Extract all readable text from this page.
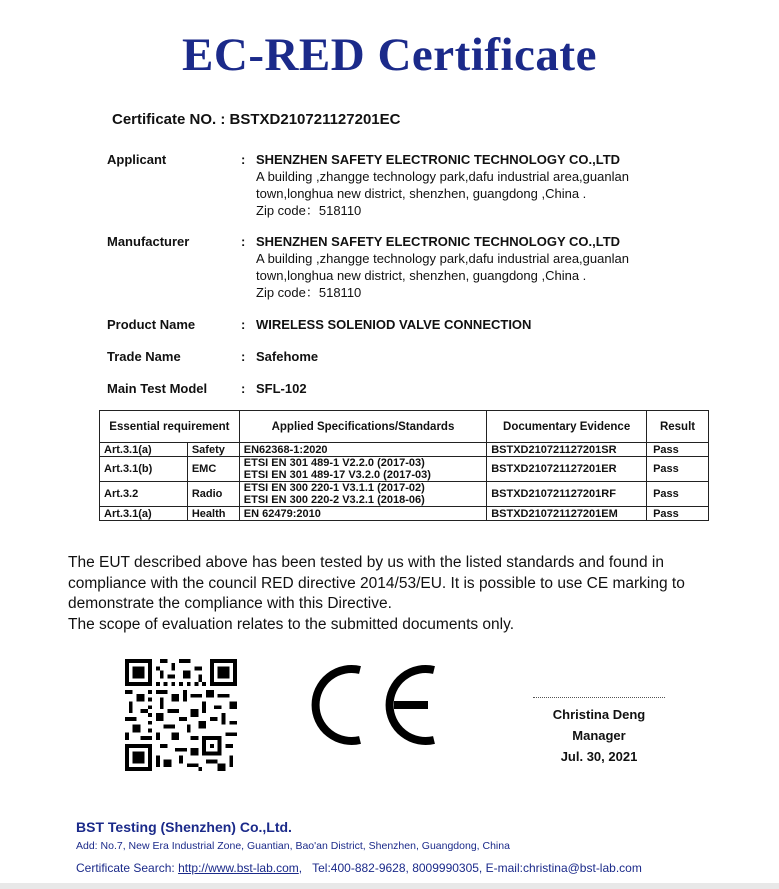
EC-RED Certificate
Certificate NO. : BSTXD210721127201EC
Applicant	: SHENZHEN SAFETY ELECTRONIC TECHNOLOGY CO.,LTD
A building ,zhangge technology park,dafu industrial area,guanlan
town,longhua new district, shenzhen, guangdong ,China .
Zip code：518110
Manufacturer	: SHENZHEN SAFETY ELECTRONIC TECHNOLOGY CO.,LTD
A building ,zhangge technology park,dafu industrial area,guanlan
town,longhua new district, shenzhen, guangdong ,China .
Zip code：518110
Product Name	: WIRELESS SOLENIOD VALVE CONNECTION
Trade Name	: Safehome
Main Test Model	: SFL-102
Essential requirement		Applied Specifications/Standards	Documentary Evidence	Result
Art.3.1(a)	Safety	EN62368-1:2020	BSTXD210721127201SR	Pass
Art.3.1(b)	EMC	ETSI EN 301 489-1 V2.2.0 (2017-03)
ETSI EN 301 489-17 V3.2.0 (2017-03)	BSTXD210721127201ER	Pass
Art.3.2	Radio	ETSI EN 300 220-1 V3.1.1 (2017-02)
ETSI EN 300 220-2 V3.2.1 (2018-06)	BSTXD210721127201RF	Pass
Art.3.1(a)	Health	EN 62479:2010	BSTXD210721127201EM	Pass

The EUT described above has been tested by us with the listed standards and found in compliance with the council RED directive 2014/53/EU. It is possible to use CE marking to demonstrate the compliance with this Directive.

The scope of evaluation relates to the submitted documents only.

Christina Deng
Manager
Jul. 30, 2021
BST Testing (Shenzhen) Co.,Ltd.
Add: No.7, New Era Industrial Zone, Guantian, Bao'an District, Shenzhen, Guangdong, China
Certificate Search: http://www.bst-lab.com,   Tel:400-882-9628, 8009990305, E-mail:christina@bst-lab.com
